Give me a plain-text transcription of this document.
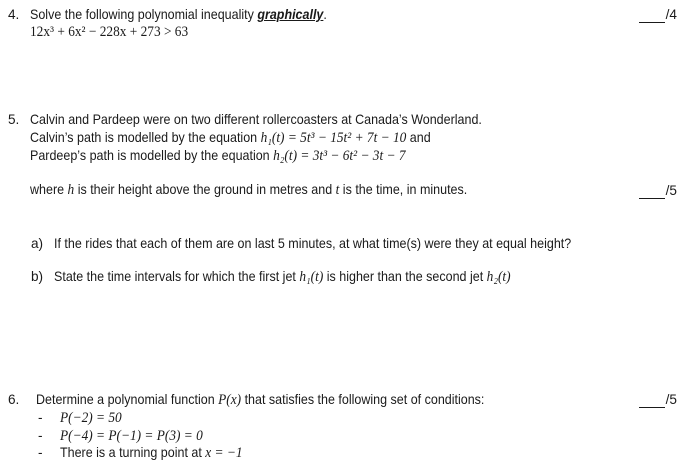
4. Solve the following polynomial inequality graphically.
12x³ + 6x² − 228x + 273 > 63
/4
5. Calvin and Pardeep were on two different rollercoasters at Canada’s Wonderland.
Calvin’s path is modelled by the equation h₁(t) = 5t³ − 15t² + 7t − 10 and
Pardeep’s path is modelled by the equation h₂(t) = 3t³ − 6t² − 3t − 7
where h is their height above the ground in metres and t is the time, in minutes.	/5
a) If the rides that each of them are on last 5 minutes, at what time(s) were they at equal height?
b) State the time intervals for which the first jet h₁(t) is higher than the second jet h₂(t)
6. Determine a polynomial function P(x) that satisfies the following set of conditions:	/5
- P(−2) = 50
- P(−4) = P(−1) = P(3) = 0
- There is a turning point at x = −1
